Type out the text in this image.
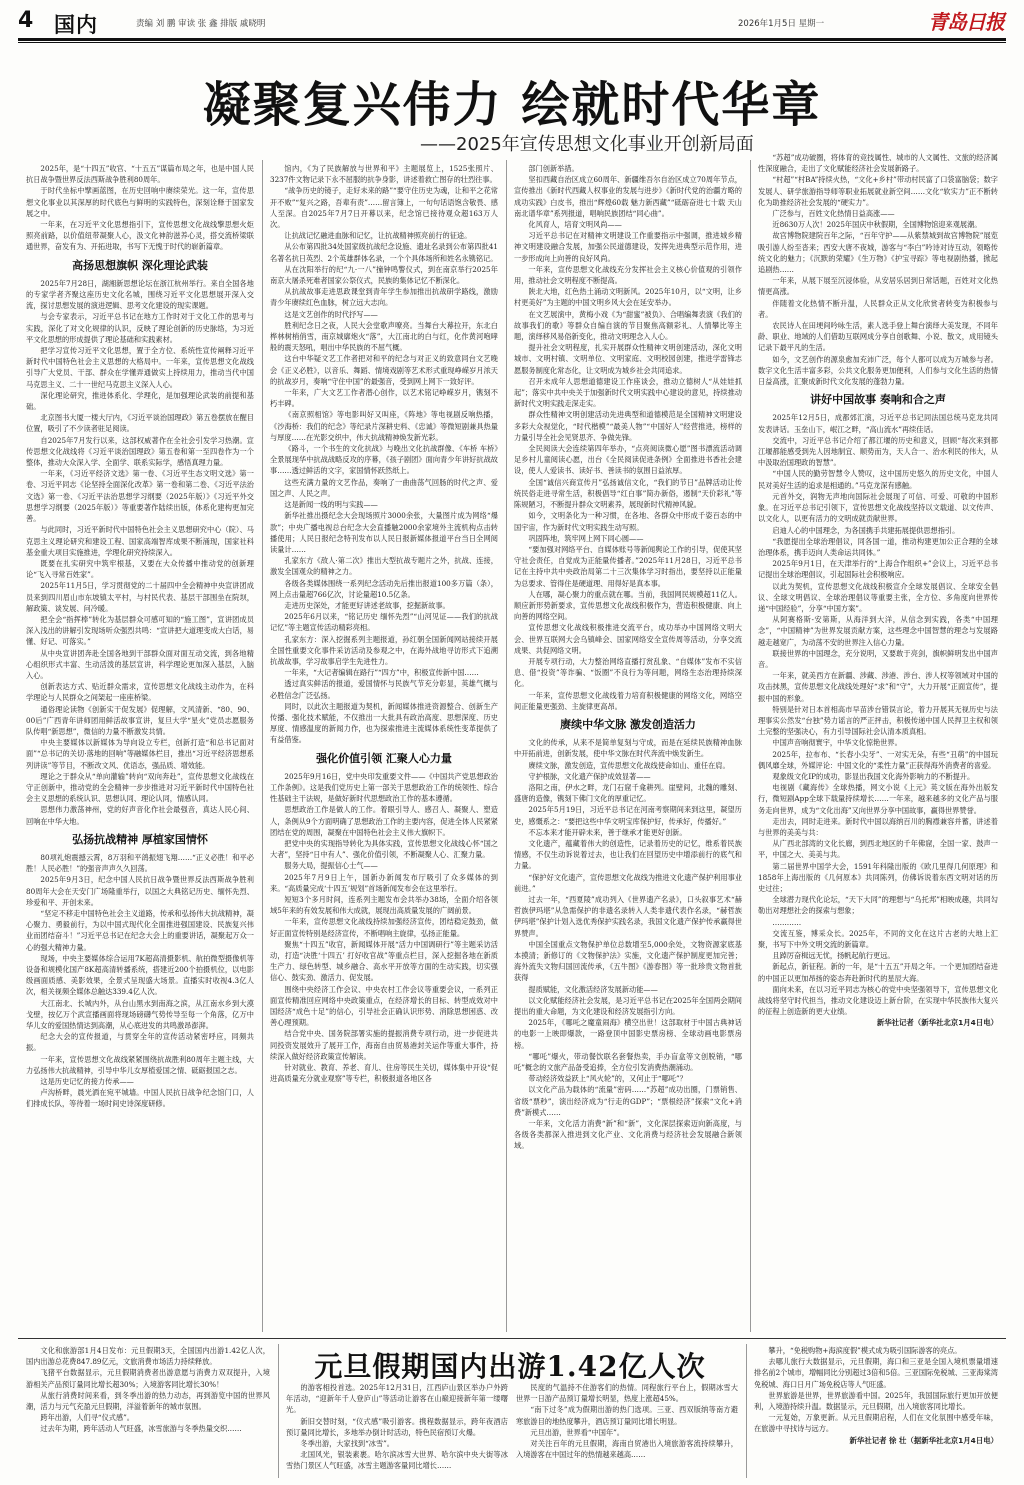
4 国内	责编 刘 鹏 审读 张 鑫 排版 戚晓明	2026年1月5日 星期一	青岛日报
凝聚复兴伟力 绘就时代华章
——2025年宣传思想文化事业开创新局面

2025年，是“十四五”收官、“十五五”谋篇布局之年，也是中国人民抗日战争暨世界反法西斯战争胜利80周年。

于时代坐标中擘画蓝图，在历史回响中赓续荣光。这一年，宣传思想文化事业以其深厚的时代底色与鲜明的实践特色，深刻诠释于国家发展之中。

一年来，在习近平文化思想指引下，宣传思想文化战线擎思想火炬照亮前路，以价值纽带凝聚人心，汲文化神韵滋养心灵，搭交流桥梁联通世界，奋发有为、开拓进取，书写下无愧于时代的崭新篇章。

高扬思想旗帜 深化理论武装

2025年7月28日，湖湘新思想论坛在浙江杭州举行。来自全国各地的专家学者齐聚这座历史文化名城，围绕习近平文化思想展开深入交流，探讨思想发展的演进逻辑、思考文化建设的现实课题。

与会专家表示，习近平总书记在地方工作时对于文化工作的思考与实践，深化了对文化规律的认识，反映了理论创新的历史脉络，为习近平文化思想的形成提供了理论基础和实践素材。

把学习宣传习近平文化思想，置于全方位、系统性宣传阐释习近平新时代中国特色社会主义思想的大格局中。一年来，宣传思想文化战线引导广大党员、干部、群众在学懂弄通做实上持续用力，推动当代中国马克思主义、二十一世纪马克思主义深入人心。

深化理论研究，推进体系化、学理化，是加强理论武装的前提和基础。

北京图书大厦一楼大厅内，《习近平谈治国理政》第五卷摆放在醒目位置，吸引了不少读者驻足阅读。

自2025年7月发行以来，这部权威著作在全社会引发学习热潮。宣传思想文化战线将《习近平谈治国理政》第五卷和第一至四卷作为一个整体，推动大众深入学、全面学、联系实际学，感悟真理力量。

一年来，《习近平经济文选》第一卷、《习近平生态文明文选》第一卷、习近平同志《论坚持全面深化改革》第一卷和第二卷、《习近平法治文选》第一卷、《习近平法治思想学习纲要（2025年版）》《习近平外交思想学习纲要（2025年版）》等重要著作陆续出版，体系化建构更加完善。

与此同时，习近平新时代中国特色社会主义思想研究中心（院）、马克思主义理论研究和建设工程、国家高端智库成果不断涌现，国家社科基金重大项目实施推进，学理化研究持续深入。

既要在扎实研究中筑牢根基，又要在大众传播中推动党的创新理论“飞入寻常百姓家”。

2025年11月5日，学习贯彻党的二十届四中全会精神中央宣讲团成员来到四川眉山市东坡镇太平村，与村民代表、基层干部围坐在院坝，解政策、谈发展、问冷暖。

把全会“指挥棒”转化为基层群众可感可知的“施工图”，宣讲团成员深入浅出的讲解引发现场听众强烈共鸣：“宣讲把大道理变成大白话，易懂、好记、可落实。”

从中央宣讲团奔赴全国各地到干部群众面对面互动交流，到各地精心组织形式丰富、生动活泼的基层宣讲，科学理论更加深入基层，入脑入心。

创新表达方式、贴近群众需求，宣传思想文化战线主动作为，在科学理论与人民群众之间架起一座座桥梁。

通俗理论读物《创新实干促发展》促理解，文风清新、“80、90、00后”广西青年讲师团用鲜活故事宣讲，复旦大学“星火”党员志愿服务队传唱“新思想”，微信的力量不断激发共情。

中央主要媒体以新媒体为导向设立专栏，创新打造“和总书记面对面”“总书记的关切·落地的回响”等融媒体栏目，推出“习近平经济思想系列讲读”等节目，不断改文风、优语态，强品质、增效能。

理论之于群众从“单向灌输”转向“双向奔赴”，宣传思想文化战线在守正创新中，推动党的全会精神一步步推进对习近平新时代中国特色社会主义思想的系统认识、思想认同、理论认同，情感认同。

思想伟力激荡神州，党的好声音化作社会最强音，真达人民心间、回响在中华大地。

弘扬抗战精神 厚植家国情怀

80项礼炮震撼云霄，8万羽和平鸽振翅飞翔……“正义必胜！和平必胜！人民必胜！”的强音声声久久回荡。

2025年9月3日，纪念中国人民抗日战争暨世界反法西斯战争胜利80周年大会在天安门广场隆重举行，以国之大典铭记历史、缅怀先烈、珍爱和平、开创未来。

“坚定不移走中国特色社会主义道路，传承和弘扬伟大抗战精神，凝心聚力、勇毅前行，为以中国式现代化全面推进强国建设、民族复兴伟业而团结奋斗！”习近平总书记在纪念大会上的重要讲话，凝聚起万众一心的强大精神力量。

现场，中央主要媒体综合运用7K超高清摄影机、航拍微型摄像机等设备和规模化国产8K超高清转播系统，搭建近200个拍摄机位，以电影级画面质感、美影效果，全景式呈现盛大场景。直播实时收视4.3亿人次，相关视频全媒体总触达339.4亿人次。

大江南北、长城内外，从台山黑水到南海之滨，从江南水乡到大漠戈壁，按亿万个武宣播画面将现场磅礴气势传导至每一个角落，亿万中华儿女的爱国热情达到高潮，从心底进发的共鸣激昂澎湃。

纪念大会的宣传报道，与贯穿全年的宣传活动紧密呼应，同频共振。

一年来，宣传思想文化战线紧紧围绕抗战胜利80周年主题主线，大力弘扬伟大抗战精神，引导中华儿女厚植爱国之情、砥砺报国之志。

这是历史记忆的接力传承——

卢沟桥畔，晨光洒在宛平城墙。中国人民抗日战争纪念馆门口，人们排成长队，等待着一场时间史诗深度研修。

馆内，《为了民族解放与世界和平》主题展览上，1525张照片、3237件文物记录下永不屈服的抗争身影，讲述着救亡图存的壮烈往事。

“战争历史的镜子，走好未来的路”“要守住历史为魂，让和平之花常开不败”“复兴之路，吾辈有责”……留言簿上，一句句话语饱含敬畏、感人至深。自2025年7月7日开幕以来，纪念馆已接待观众超163万人次。

让抗战记忆融进血脉和记忆，让抗战精神照亮前行的征途。

从公布第四批34处国家级抗战纪念设施、遗址名录到公布第四批41名著名抗日英烈、2个英雄群体名录，一个个具体场所和姓名永镌铭记。

从在沈阳举行的纪“九·一八”撞钟鸣警仪式，到在南京举行2025年南京大屠杀死难者国家公祭仪式，民族的集体记忆不断深化。

从抗战故事走进思政课堂到青年学生参加推出抗战研学路线，激励青少年赓续红色血脉，树立远大志向。

这是文艺创作的时代抒写——

胜利纪念日之夜，人民大会堂歌声嘹亮。当舞台大幕拉开，东北白桦林树梢俏雪，南京城廓炮火“落”，大江南北的白与红，化作黄河咆哮般的震天怒吼，唱出中华民族的不屈气概。

这台中华疑文艺工作者把对和平的纪念与对正义的致意同台文艺晚会《正义必胜》，以音乐、舞蹈、情境戏剧等艺术形式重现峥嵘岁月浓天的抗战岁月，奏响“守住中国”的最强音，受到网上网下一致好评。

一年来，广大文艺工作者潜心创作，以艺术铭记峥嵘岁月，镌刻不朽丰碑。

《南京照相馆》等电影叫好又叫座，《阵地》等电视剧反响热播，《沙海桥：我们的纪念》等纪录片深耕史料、《忠诚》等微短剧兼具热量与厚度……在光影交织中，伟大抗战精神焕发新光彩。

《路斗，一个书生的文化抗战》与晚出文化抗战群像、《车桥 车桥》全景展现华中抗战战略反攻的序幕，《孩子剧团》面向青少年讲好抗战故事……透过鲜活的文字，家国情怀跃然纸上。

这些充满力量的文艺作品，奏响了一曲曲荡气回肠的时代之声、爱国之声、人民之声。

这是新闻一线的明与实践——

新华社推出摄纪念大会现场照片3000余张，大量图片成为网络“爆款”；中央广播电视总台纪念大会直播触2000余家境外主流机构点击转播使用；人民日报纪念特刊发布以人民日报新媒体报道平台当日全网阅读量计……

孔家东方《敌人·第二次》推出大型抗战专题片之外，抗战、连接，激发全国观众的精神之力。

各级各类媒体围绕一系列纪念活动先后推出报道100多万篇（条），网上点击量超766亿次，讨论量超10.5亿条。

走进历史深处，才能更好讲述老故事，挖掘新故事。

2025年6月以来，“铭记历史 缅怀先烈”“山河见证——我们的抗战记忆”等主题宣传活动精彩亮相。

孔家东方：深入挖掘系列主题报道，孙红朝全国新闻网站接续开展全国性重要文化事件采访活动及参观之中，在海外战地寻访形式下追溯抗战故事，学习故事启学生先进性力。

一年来，“大记者编辑在路行”“四方”中，积极宣传新中国……

透过真实鲜活的报道，爱国情怀与民族气节充分彰显，英雄气概与必胜信念广泛弘扬。

同时，以此次主题报道为契机，新闻媒体推进资源整合、创新生产传播、强化技术赋能，不仅推出一大批具有政治高度、思想深度、历史厚度、情感温度的新闻力作，也为探索推进主流媒体系统性变革提供了有益借鉴。

强化价值引领 汇聚人心力量

2025年9月16日，党中央印发重要文件——《中国共产党思想政治工作条例》。这是我们党历史上第一部关于思想政治工作的统领性、综合性基础主干法规，是做好新时代思想政治工作的基本遵循。

思想政治工作是做人的工作。着眼引导人、感召人、凝聚人、塑造人，条例从9个方面明确了思想政治工作的主要内容，促进全体人民紧紧团结在党的周围，凝聚在中国特色社会主义伟大旗帜下。

把党中央的实现指导转化为具体实践，宣传思想文化战线心怀“国之大者”，坚持“日中有人”、强化价值引领，不断凝聚人心、汇聚力量。

服务大局，提振信心士气——

2025年7月9日上午，国新办新闻发布厅吸引了众多媒体的到来。“高质量完成‘十四五’规划”首场新闻发布会在这里举行。

短短3个多月时间，连系列主题发布会共举办38场，全面介绍各领域5年来的有效发展和伟大成就，展现出高质量发展的广阔前景。

一年来，宣传思想文化战线持续加强经济宣传，团结稳定鼓劲，做好正面宣传特别是经济宣传，不断唱响主旋律，弘扬正能量。

聚焦“十四五”收官，新闻媒体开展“活力中国调研行”等主题采访活动，打造“决胜‘十四五’ 打好收官战”等重点栏目，深入挖掘各地在新质生产力、绿色转型、城乡融合、高水平开放等方面的生动实践，切实强信心、鼓实劲、激活力、促发展。

围绕中央经济工作会议、中央农村工作会议等重要会议，一系列正面宣传精准回应网络中央政策重点，在经济增长的目标、转型成效对中国经济“成色十足”的信心，引导社会正确认识形势、消除思想困惑、改善心理预期。

结合党中央、国务院部署实施的提振消费专项行动，进一步促进共同投资发展效升了展开工作，海南自由贸易港封关运作等重大事件，持续深入做好经济政策宣传解读。

针对就业、教育、养老、育儿、住房等民生关切，媒体集中开设“促进高质量充分就业观察”等专栏，积极报道各地区各

部门创新举措。

坚扣西藏自治区成立60周年、新疆维吾尔自治区成立70周年节点，宣传推出《新时代西藏人权事业的发展与进步》《新时代党的治疆方略的成功实践》白皮书，推出“辉煌60载 魅力新西藏”“砥砺奋进七十载 天山南北谱华章”系列报道，唱响民族团结“同心曲”。

化风育人，培育文明风尚——

习近平总书记在对精神文明建设工作重要指示中强调，推进城乡精神文明建设融合发展，加强公民道德建设，发挥先进典型示范作用，进一步形成向上向善的良好风尚。

一年来，宣传思想文化战线充分发挥社会主义核心价值观的引领作用，推动社会文明程度不断提高。

陕北大地，红色热土涌动文明新风。2025年10月，以“文明，让乡村更美好”为主题的中国文明乡风大会在延安举办。

在文艺展演中，黄梅小戏《为“甜蜜”被负》、合唱编舞表演《我们的故事我们的歌》等群众自编自演的节目聚焦高额彩礼、人情攀比等主题，演绎移风易俗新变化，推动文明理念入人心。

提升社会文明程度，扎实开展群众性精神文明创建活动，深化文明城市、文明村镇、文明单位、文明家庭、文明校园创建，推进学雷锋志愿服务制度化常态化，让文明成为城乡社会共同追求。

召开未成年人思想道德建设工作座谈会，推动立德树人“从娃娃抓起”；落实中共中央关于加强新时代文明实践中心建设的意见，持续推动新时代文明实践走深走实。

群众性精神文明创建活动先进典型和道德模范是全国精神文明建设多彩大众视觉化，“时代楷模”“最美人物”“中国好人”经营推进，榜样的力量引导全社会见贤思齐、争做先锋。

全民阅读大会连续第四年举办，“点亮阅读微心愿”图书漂流活动调足乡村儿童阅读心愿，出台《全民阅读促进条例》全面推进书香社会建设，使人人爱读书、读好书、善读书的氛围日益浓厚。

全国“诚信兴商宣传月”弘扬诚信文化，“我们的节日”品牌活动让传统民俗走进寻常生活，积极倡导“红白事”简办新俗，遏制“天价彩礼”等陈规陋习，不断提升群众文明素养，展现新时代精神风貌。

如今，文明条化为一种习惯，在各地、各群众中形成千姿百态的中国宇宙，作为新时代文明实践生动写照。

巩固阵地，筑牢网上网下同心圆——

“要加强对网络平台、自媒体账号等新闻舆论工作的引导，促使其坚守社会责任，自觉成为正能量传播者。”2025年11月28日，习近平总书记在主持中共中央政治局第二十三次集体学习时指出，要坚持以正能量为总要求、管得住是硬道理、用得好是真本事。

人在哪，凝心聚力的重点就在哪。当前，我国网民规模超11亿人。顺应新形势新要求，宣传思想文化战线积极作为，营造积极健康、向上向善的网络空间。

宣传思想文化战线积极推进交流平台，成功举办中国网络文明大会、世界互联网大会乌镇峰会、国家网络安全宣传周等活动，分享交流成果、共促网络文明。

开展专项行动，大力整治网络直播打赏乱象、“自媒体”发布不实信息、借“投资”等诈骗、“饭圈”不良行为等问题，网络生态治理持续深化。

一年来，宣传思想文化战线着力培育积极健康的网络文化，网络空间正能量更强劲、主旋律更高昂。

赓续中华文脉 激发创造活力

文化的传承，从来不是简单复刻与守成，而是在延续民族精神血脉中开拓前进，创新发展，使中华文脉在时代奔流中焕发新生。

赓续文脉，激发创造，宣传思想文化战线使命如山、重任在肩。

守护根脉，文化遗产保护成效显著——

洛阳之南，伊水之畔，龙门石窟千龛耕列。崖壁间，北魏的雕刻、盛唐的造像，镌刻下佛门文化的厚重记忆。

2025年5月19日，习近平总书记在河南考察期间来到这里，凝望历史，感慨系之：“要把这些中华文明宝库保护好，传承好，传播好。”

不忘本来才能开辟未来，善于继承才能更好创新。

文化遗产，蕴藏着伟大的创造性，记录着历史的记忆，维系着民族情感，不仅生动诉说着过去，也让我们在回望历史中增添前行的底气和力量。

“保护好文化遗产，宣传思想文化战线为推进文化遗产保护利用事业前进。”

过去一年，“西夏陵”成功列入《世界遗产名录》，口头叙事艺术“赫哲族伊玛堪”从急需保护的非遗名录转入人类非遗代表作名录，“赫哲族伊玛堪”保护计划入选优秀保护实践名录，我国文化遗产保护传承赢得世界赞声。

中国全国重点文物保护单位总数增至5,000余处，文物资源家底基本摸清；新修订的《文物保护法》实施，文化遗产保护制度更加完善；海外流失文物归国回流传承，《五牛图》《游春图》等一批珍贵文物首批获得

提质赋能，文化激活经济发展新动能——

以文化赋能经济社会发展，是习近平总书记在2025年全国两会期间提出的重大命题，为文化建设和经济发展指引方向。

2025年，《哪吒之魔童闹海》横空出世！这部取材于中国古典神话的电影一上映即爆款，一路登顶中国影史票房榜、全球动画电影票房榜。

“哪吒”爆火，带动餐饮联名套餐热卖，手办盲盒等文创脱销，“哪吒”概念的文旅产品备受追捧，全方位引发消费热潮涌动。

带动经济效益跃上“风火轮”的，又何止于“哪吒”？

以文化产品为载体的“流量”密码……“苏超”成功出圈，门票销售、省级“票秒”，演出经济成为“行走的GDP”；“票根经济”探索“文化+消费”新模式……

一年来，文化活力消费“新”和“新”，文化深层探索迈向新高度，与各级各类都深入推进到文化产业、文化消费与经济社会发展融合新领域。

“苏超”成功破圈，将体育的竞技属性、城市的人文属性、文旅的经济属性深度融合，走出了文化赋能经济社会发展新路子。

“村超”“村BA”持续火热，“文化+乡村”带动村民富了口袋富脑袋；数字发展人、研学旅游指导师等职业拓展就业新空间……文化“软实力”正不断转化为助推经济社会发展的“硬实力”。

广泛参与，百姓文化热情日益高涨——

近8630万人次！2025年国庆中秋假期，全国博物馆迎来观展潮。

故宫博物院建院百年之际，“百年守护——从紫禁城到故宫博物院”展览吸引游人纷至沓来；西安大唐不夜城，游客与“李白”吟诗对诗互动，领略传统文化的魅力；《沉默的荣耀》《生万物》《护宝寻踪》等电视剧热播，掀起追剧热……

一年来，从展下展至沉浸体验，从安居乐居到日常话题，百姓对文化热情更高涨。

伴随着文化热情不断升温，人民群众正从文化欣赏者转变为积极参与者。

农民诗人在田埂间吟咏生活，素人选手登上舞台演绎大美发现，不同年龄、职业、地域的人们借助互联网成分享自创歌舞、小说、散文，成用镜头记录下最平凡的生活。

如今，文艺创作的源泉愈加充沛广泛，每个人都可以成为万城参与者。数字文化生活丰富多彩，公共文化服务更加便利，人们参与文化生活的热情日益高涨，汇聚成新时代文化发展的蓬勃力量。

讲好中国故事 奏响和合之声

2025年12月5日，成都郊汇演，习近平总书记同法国总统马克龙共同发表讲话。玉垒山下，岷江之畔，“高山流水”再续佳话。

交流中，习近平总书记介绍了都江堰的历史和意义，回顾“每次来到都江堰都能感受到先人因地制宜、顺势而为，天人合一、治水利民的伟大，从中汲取治国理政的智慧”。

“中国人民的勤劳智慧令人赞叹，这中国历史悠久的历史文化，中国人民对美好生活的追求是相通的。”马克龙深有感触。

元首外交，润物无声地向国际社会展现了可信、可爱、可敬的中国形象。在习近平总书记引领下，宣传思想文化战线坚持以文载道、以文传声、以文化人，以更有活力的文明成就贡献世界。

启迪人心的中国理念，为各国携手共建拓展提供思想指引。

“我愿提出全球治理倡议，同各国一道，推动构建更加公正合理的全球治理体系，携手迈向人类命运共同体。”

2025年9月1日，在天津举行的“上海合作组织+”会议上，习近平总书记提出全球治理倡议，引起国际社会积极响应。

以此为契机，宣传思想文化战线积极宣介全球发展倡议、全球安全倡议、全球文明倡议、全球治理倡议等重要主张，全方位、多角度向世界传递“中国经验”，分享“中国方案”。

从阿赛格斯-安第斯，从海洋到大洋，从信念到实践，各类“中国理念”，“中国精神”为世界发展贡献方案，这些理念中国智慧的理念与发展路越走越宽广，为动荡不安的世界注入信心力量。

联接世界的中国理念，充分说明，又要敢于亮剑，旗帜鲜明发出中国声音。

一年来，就美西方在新疆、涉藏、涉港、涉台、涉人权等领域对中国的攻击抹黑，宣传思想文化战线处理好“求”和“守”，大力开展“正面宣传”，提振中国的形象。

特别是针对日本首相高市早苗涉台错误言论，着力开展其无视历史与法理事实公然发“台独”势力谣言的严正抨击，积极传递中国人民捍卫主权和领土完整的坚强决心，有力引导国际社会认清本质真相。

中国声音响彻寰宇，中华文化惊艳世界。

2025年，拉布布、“长春小尖牙”、一对实无朵，有些“丑萌”的中国玩偶风靡全球，外媒评论：中国文化的“柔性力量”正获得海外消费者的喜爱。

观象级文化IP的成功，影显出我国文化海外影响力的不断提升。

电视剧《藏海传》全球热播，网文小说《上元》英文版在海外出版发行，微短剧App全球下载量持续增长……一年来，越来越多的文化产品与服务走向世界，成为“文化出海”又向世界分享中国故事，赢得世界赞誉。

走出去，同时走进来。新时代中国以海纳百川的胸襟兼容并蓄，讲述着与世界的美美与共：

从广西北部湾的文化长廊，到西北地区的千年佛窟，全国一家、鼓声一平，中国之大、美美与共。

第二届世界中国学大会，1591年科隆出版的《欧几里得几何原理》和1858年上海出版的《几何原本》共同陈列，仿佛诉说着东西文明对话的历史过往；

全球潜力现代化论坛，“天下大同”的理想与“乌托邦”相映成趣，共同勾勒出对理想社会的探索与想象；

…………

交流互鉴，博采众长。2025年，不同的文化在这片古老的大地上汇聚，书写下中外文明交流的新篇章。

且踔厉奋楫远无忧，扬帆起航行更远。

新起点，新征程。新的一年，是“十五五”开局之年。一个更加团结奋进的中国正以更加昂扬的姿态奔赴新时代的星辰大海。

面向未来，在以习近平同志为核心的党中央坚强领导下，宣传思想文化战线将坚守时代担当，推动文化建设迈上新台阶，在实现中华民族伟大复兴的征程上创造新的更大业绩。

新华社记者（新华社北京1月4日电）
元旦假期国内出游1.42亿人次

文化和旅游部1月4日发布：元旦假期3天，全国国内出游1.42亿人次，国内出游总花费847.89亿元，文旅消费市场活力持续释放。

飞猪平台数据显示，元旦假期消费者出游意愿与消费力双双提升，入境游相关产品预订量同比增长超30%；入境游客同比增长30%！

从旅行消费时间来看，到冬季出游的热力动态，再到游览中国的世界风潮，活力与元气充盈元旦假期，洋溢着新年的城市氛围。

跨年出游，人们寻“仪式感”。

过去年为期，跨年活动人气旺盛，冰雪旅游与冬季热量交织……

的游客相投首选。2025年12月31日，江西庐山景区举办户外跨年活动，“迎新年千人登庐山”等活动让游客在山巅迎接新年第一缕曙光。

新旧交替时刻，“仪式感”吸引游客。携程数据显示，跨年夜酒店预订量同比增长，多地举办倒计时活动，特色民宿预订火爆。

冬季出游，大家找到“冰雪”。

北国风光，银装素裹。哈尔滨冰雪大世界、哈尔滨中央大街等冰雪热门景区人气旺盛，冰雪主题游客量同比增长……

民度的气温持不住游客们的热情。同程旅行平台上，假期冰雪大世界一日游产品预订量增长明显，热度上涨超45%。

“南下过冬”成为假期出游的热门选项。三亚、西双版纳等南方避寒旅游目的地热度攀升，酒店预订量同比增长明显。

元旦出游，世界看“中国年”。

对关注百年的元旦假期，海南自贸港出入境旅游客流持续攀升，入境游客在中国过年的热情越来越高……

攀升，“免税购物+海滨度假”模式成为吸引国际游客的亮点。

去哪儿旅行大数据显示，元旦假期，海口和三亚是全国入境机票量增速排名前2个城市，增幅同比分别超过3倍和5倍。三亚国际免税城、三亚海棠湾免税城、海口日月广场免税店等人气旺盛。

世界旅游是世界，世界旅游看中国。2025年，我国国际旅行更加开放便利，入境游持续升温。数据显示，元旦假期，出入境旅客同比增长。

一元复始，万象更新。从元旦假期启程，人们在文化氛围中感受年味，在旅游中寻找诗与远方。

新华社记者 徐 壮（据新华社北京1月4日电）
